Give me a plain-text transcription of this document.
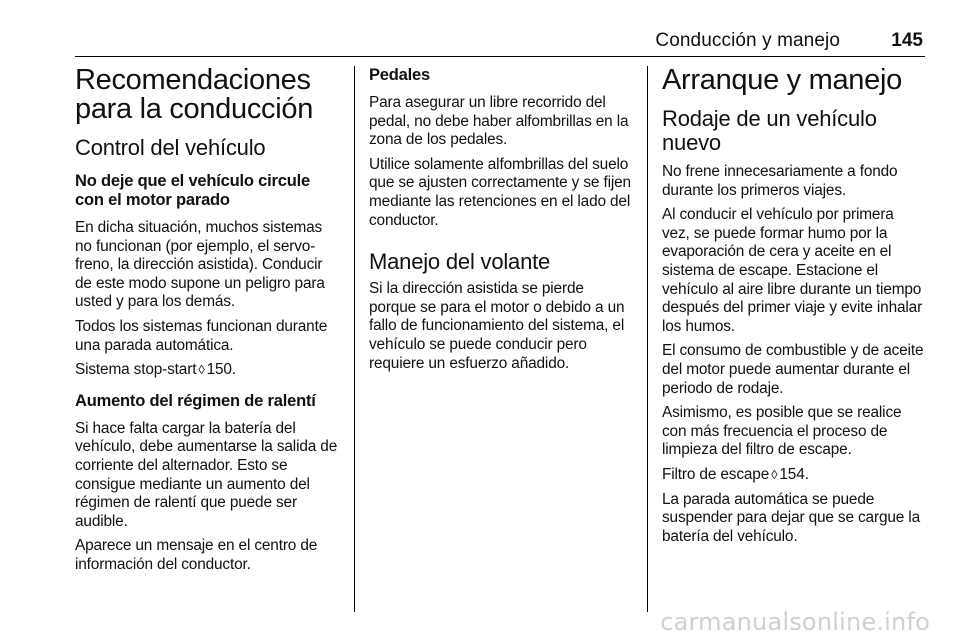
Conducción y manejo	145
Recomendaciones para la conducción
Control del vehículo
No deje que el vehículo circule con el motor parado

En dicha situación, muchos sistemas no funcionan (por ejemplo, el servo-freno, la dirección asistida). Conducir de este modo supone un peligro para usted y para los demás.

Todos los sistemas funcionan durante una parada automática.

Sistema stop-start ◊ 150.

Aumento del régimen de ralentí

Si hace falta cargar la batería del vehículo, debe aumentarse la salida de corriente del alternador. Esto se consigue mediante un aumento del régimen de ralentí que puede ser audible.

Aparece un mensaje en el centro de información del conductor.

Pedales

Para asegurar un libre recorrido del pedal, no debe haber alfombrillas en la zona de los pedales.

Utilice solamente alfombrillas del suelo que se ajusten correctamente y se fijen mediante las retenciones en el lado del conductor.

Manejo del volante

Si la dirección asistida se pierde porque se para el motor o debido a un fallo de funcionamiento del sistema, el vehículo se puede conducir pero requiere un esfuerzo añadido.

Arranque y manejo
Rodaje de un vehículo nuevo

No frene innecesariamente a fondo durante los primeros viajes.

Al conducir el vehículo por primera vez, se puede formar humo por la evaporación de cera y aceite en el sistema de escape. Estacione el vehículo al aire libre durante un tiempo después del primer viaje y evite inhalar los humos.

El consumo de combustible y de aceite del motor puede aumentar durante el periodo de rodaje.

Asimismo, es posible que se realice con más frecuencia el proceso de limpieza del filtro de escape.

Filtro de escape ◊ 154.

La parada automática se puede suspender para dejar que se cargue la batería del vehículo.

carmanualsonline.info
